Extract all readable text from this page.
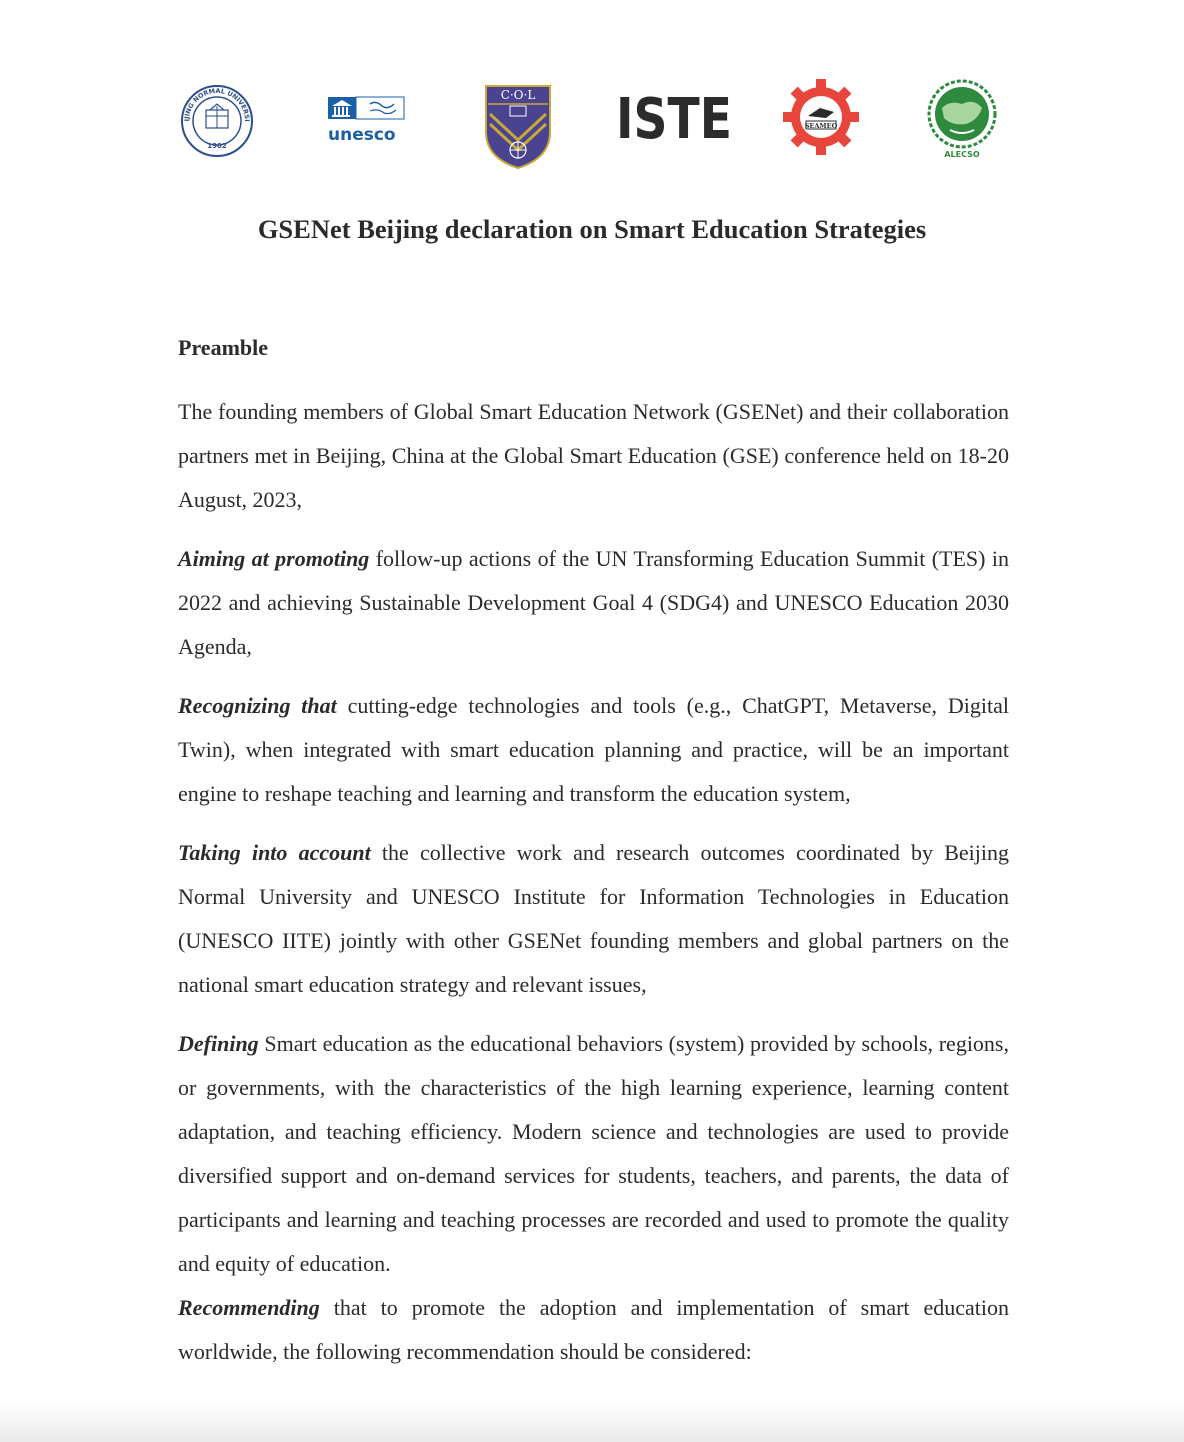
IJING NORMAL UNIVERSI
1902
unesco
C·O·L ISTE	SEAMEO
ALECSO
GSENet Beijing declaration on Smart Education Strategies

Preamble

The founding members of Global Smart Education Network (GSENet) and their collaboration partners met in Beijing, China at the Global Smart Education (GSE) conference held on 18-20 August, 2023,

Aiming at promoting follow-up actions of the UN Transforming Education Summit (TES) in 2022 and achieving Sustainable Development Goal 4 (SDG4) and UNESCO Education 2030 Agenda,

Recognizing that cutting-edge technologies and tools (e.g., ChatGPT, Metaverse, Digital Twin), when integrated with smart education planning and practice, will be an important engine to reshape teaching and learning and transform the education system,

Taking into account the collective work and research outcomes coordinated by Beijing Normal University and UNESCO Institute for Information Technologies in Education (UNESCO IITE) jointly with other GSENet founding members and global partners on the national smart education strategy and relevant issues,

Defining Smart education as the educational behaviors (system) provided by schools, regions, or governments, with the characteristics of the high learning experience, learning content adaptation, and teaching efficiency. Modern science and technologies are used to provide diversified support and on-demand services for students, teachers, and parents, the data of participants and learning and teaching processes are recorded and used to promote the quality and equity of education.

Recommending that to promote the adoption and implementation of smart education worldwide, the following recommendation should be considered:
